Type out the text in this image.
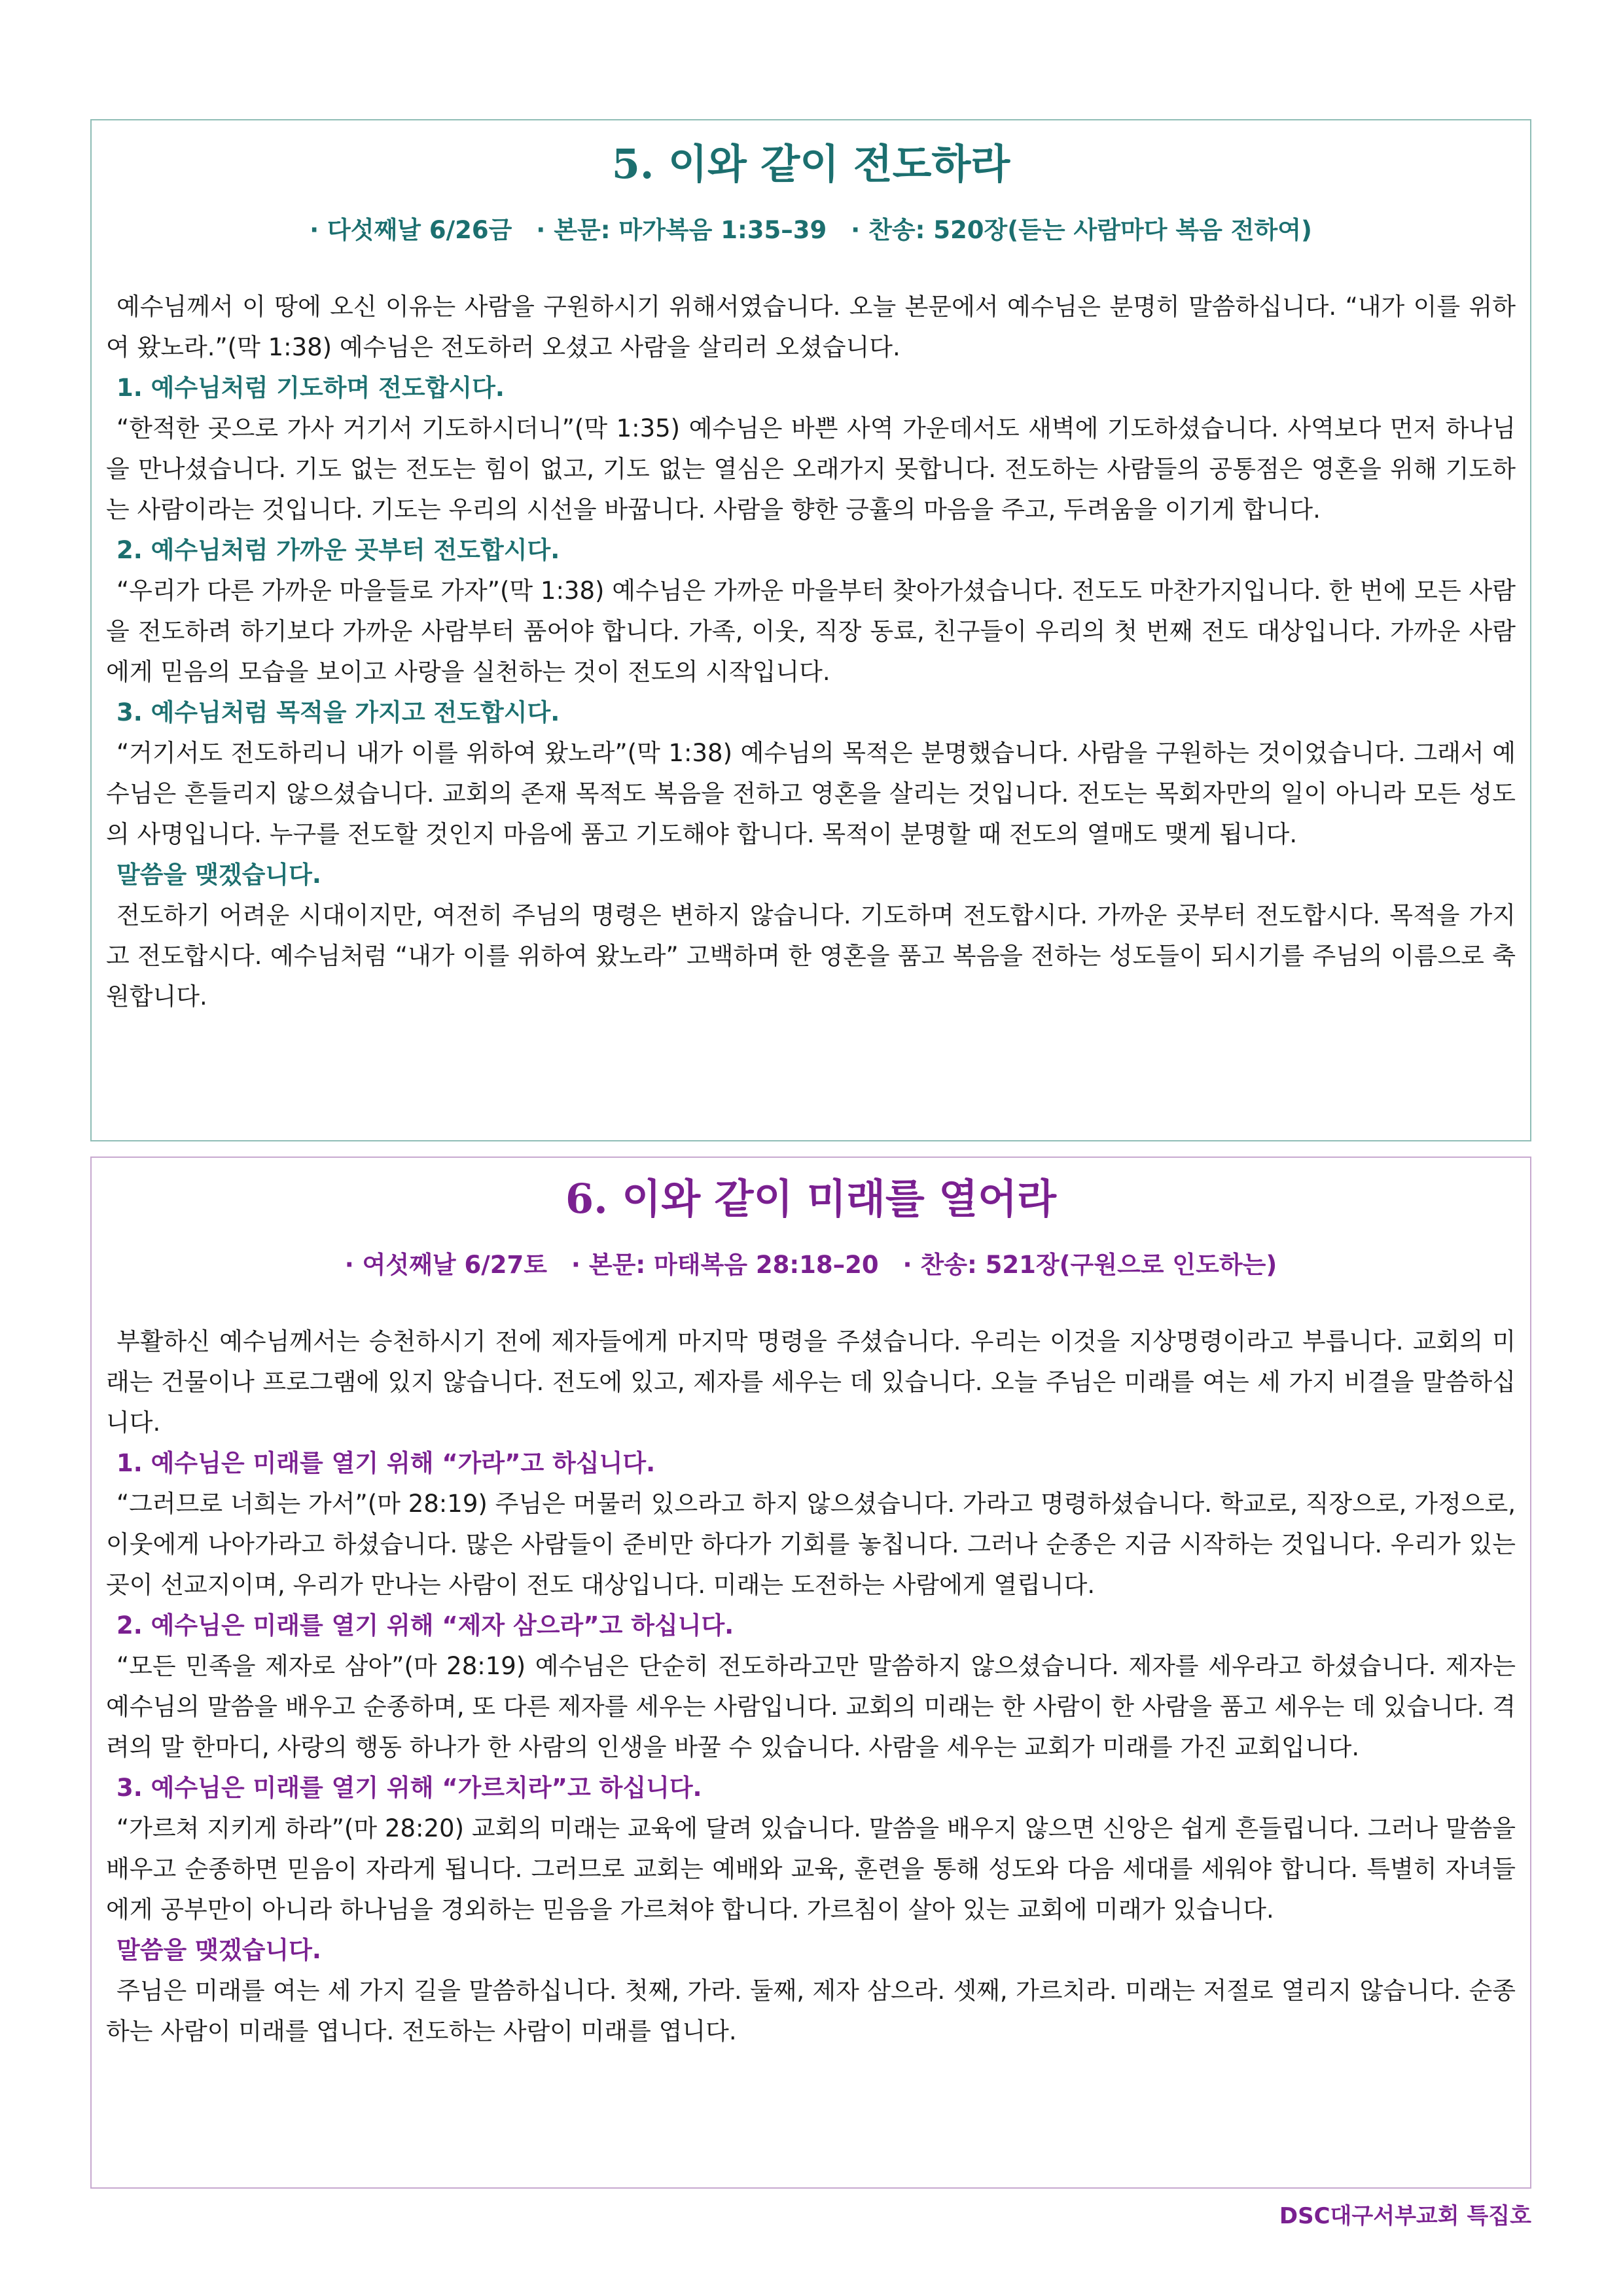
5. 이와 같이 전도하라

· 다섯째날 6/26금 · 본문: 마가복음 1:35–39 · 찬송: 520장(듣는 사람마다 복음 전하여)

예수님께서 이 땅에 오신 이유는 사람을 구원하시기 위해서였습니다. 오늘 본문에서 예수님은 분명히 말씀하십니다. “내가 이를 위하여 왔노라.”(막 1:38) 예수님은 전도하러 오셨고 사람을 살리러 오셨습니다.

1. 예수님처럼 기도하며 전도합시다.

“한적한 곳으로 가사 거기서 기도하시더니”(막 1:35) 예수님은 바쁜 사역 가운데서도 새벽에 기도하셨습니다. 사역보다 먼저 하나님을 만나셨습니다. 기도 없는 전도는 힘이 없고, 기도 없는 열심은 오래가지 못합니다. 전도하는 사람들의 공통점은 영혼을 위해 기도하는 사람이라는 것입니다. 기도는 우리의 시선을 바꿉니다. 사람을 향한 긍휼의 마음을 주고, 두려움을 이기게 합니다.

2. 예수님처럼 가까운 곳부터 전도합시다.

“우리가 다른 가까운 마을들로 가자”(막 1:38) 예수님은 가까운 마을부터 찾아가셨습니다. 전도도 마찬가지입니다. 한 번에 모든 사람을 전도하려 하기보다 가까운 사람부터 품어야 합니다. 가족, 이웃, 직장 동료, 친구들이 우리의 첫 번째 전도 대상입니다. 가까운 사람에게 믿음의 모습을 보이고 사랑을 실천하는 것이 전도의 시작입니다.

3. 예수님처럼 목적을 가지고 전도합시다.

“거기서도 전도하리니 내가 이를 위하여 왔노라”(막 1:38) 예수님의 목적은 분명했습니다. 사람을 구원하는 것이었습니다. 그래서 예수님은 흔들리지 않으셨습니다. 교회의 존재 목적도 복음을 전하고 영혼을 살리는 것입니다. 전도는 목회자만의 일이 아니라 모든 성도의 사명입니다. 누구를 전도할 것인지 마음에 품고 기도해야 합니다. 목적이 분명할 때 전도의 열매도 맺게 됩니다.

말씀을 맺겠습니다.

전도하기 어려운 시대이지만, 여전히 주님의 명령은 변하지 않습니다. 기도하며 전도합시다. 가까운 곳부터 전도합시다. 목적을 가지고 전도합시다. 예수님처럼 “내가 이를 위하여 왔노라” 고백하며 한 영혼을 품고 복음을 전하는 성도들이 되시기를 주님의 이름으로 축원합니다.

6. 이와 같이 미래를 열어라

· 여섯째날 6/27토 · 본문: 마태복음 28:18–20 · 찬송: 521장(구원으로 인도하는)

부활하신 예수님께서는 승천하시기 전에 제자들에게 마지막 명령을 주셨습니다. 우리는 이것을 지상명령이라고 부릅니다. 교회의 미래는 건물이나 프로그램에 있지 않습니다. 전도에 있고, 제자를 세우는 데 있습니다. 오늘 주님은 미래를 여는 세 가지 비결을 말씀하십니다.

1. 예수님은 미래를 열기 위해 “가라”고 하십니다.

“그러므로 너희는 가서”(마 28:19) 주님은 머물러 있으라고 하지 않으셨습니다. 가라고 명령하셨습니다. 학교로, 직장으로, 가정으로, 이웃에게 나아가라고 하셨습니다. 많은 사람들이 준비만 하다가 기회를 놓칩니다. 그러나 순종은 지금 시작하는 것입니다. 우리가 있는 곳이 선교지이며, 우리가 만나는 사람이 전도 대상입니다. 미래는 도전하는 사람에게 열립니다.

2. 예수님은 미래를 열기 위해 “제자 삼으라”고 하십니다.

“모든 민족을 제자로 삼아”(마 28:19) 예수님은 단순히 전도하라고만 말씀하지 않으셨습니다. 제자를 세우라고 하셨습니다. 제자는 예수님의 말씀을 배우고 순종하며, 또 다른 제자를 세우는 사람입니다. 교회의 미래는 한 사람이 한 사람을 품고 세우는 데 있습니다. 격려의 말 한마디, 사랑의 행동 하나가 한 사람의 인생을 바꿀 수 있습니다. 사람을 세우는 교회가 미래를 가진 교회입니다.

3. 예수님은 미래를 열기 위해 “가르치라”고 하십니다.

“가르쳐 지키게 하라”(마 28:20) 교회의 미래는 교육에 달려 있습니다. 말씀을 배우지 않으면 신앙은 쉽게 흔들립니다. 그러나 말씀을 배우고 순종하면 믿음이 자라게 됩니다. 그러므로 교회는 예배와 교육, 훈련을 통해 성도와 다음 세대를 세워야 합니다. 특별히 자녀들에게 공부만이 아니라 하나님을 경외하는 믿음을 가르쳐야 합니다. 가르침이 살아 있는 교회에 미래가 있습니다.

말씀을 맺겠습니다.

주님은 미래를 여는 세 가지 길을 말씀하십니다. 첫째, 가라. 둘째, 제자 삼으라. 셋째, 가르치라. 미래는 저절로 열리지 않습니다. 순종하는 사람이 미래를 엽니다. 전도하는 사람이 미래를 엽니다.

DSC대구서부교회 특집호
